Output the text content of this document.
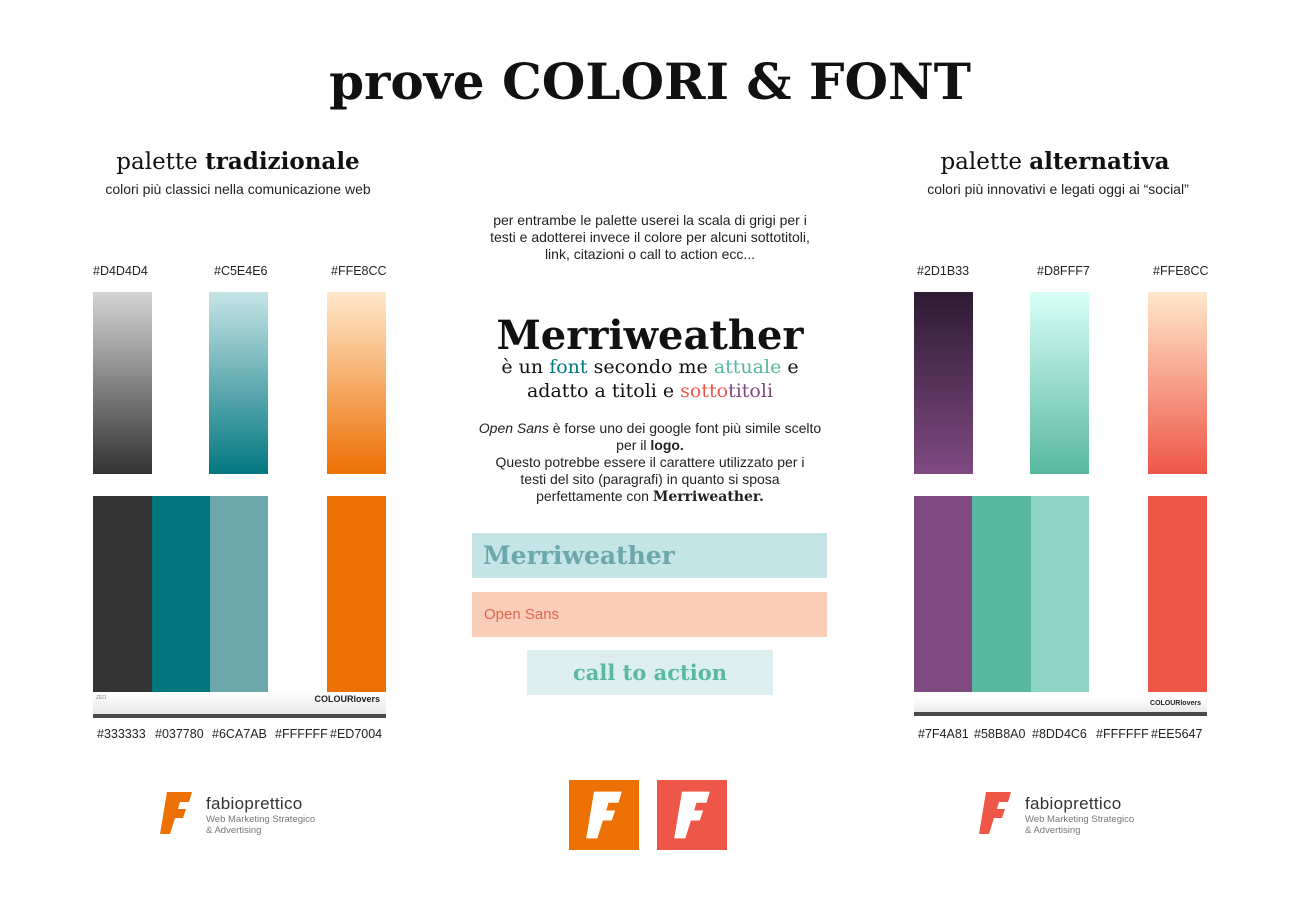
prove COLORI & FONT
palette tradizionale
colori più classici nella comunicazione web
#D4D4D4	#C5E4E6	#FFE8CC
ZEO	COLOURlovers
#333333 #037780 #6CA7AB #FFFFFF #ED7004
palette alternativa
colori più innovativi e legati oggi ai “social”
#2D1B33	#D8FFF7	#FFE8CC
COLOURlovers
#7F4A81 #58B8A0 #8DD4C6 #FFFFFF #EE5647
per entrambe le palette userei la scala di grigi per i
testi e adotterei invece il colore per alcuni sottotitoli,
link, citazioni o call to action ecc...
Merriweather
è un font secondo me attuale e
adatto a titoli e sottotitoli
Open Sans è forse uno dei google font più simile scelto
per il logo.
Questo potrebbe essere il carattere utilizzato per i
testi del sito (paragrafi) in quanto si sposa
perfettamente con Merriweather.
Merriweather
Open Sans
call to action
fabioprettico
Web Marketing Strategico
& Advertising
fabioprettico
Web Marketing Strategico
& Advertising
